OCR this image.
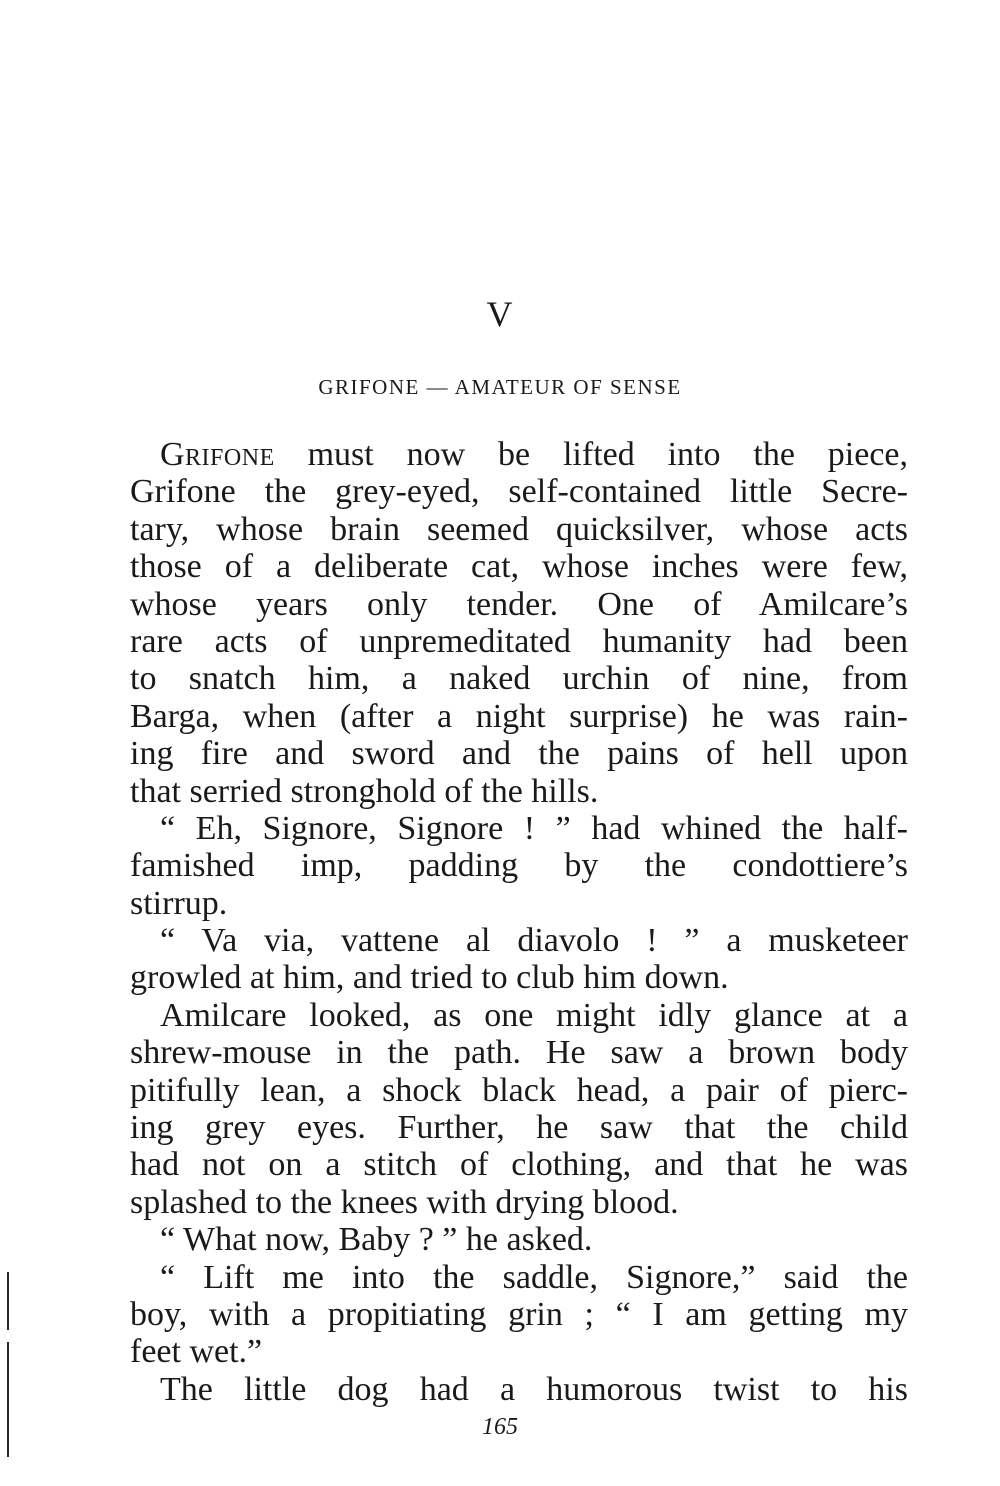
V
GRIFONE — AMATEUR OF SENSE
Grifone must now be lifted into the piece,
Grifone the grey-eyed, self-contained little Secre-
tary, whose brain seemed quicksilver, whose acts
those of a deliberate cat, whose inches were few,
whose years only tender. One of Amilcare’s
rare acts of unpremeditated humanity had been
to snatch him, a naked urchin of nine, from
Barga, when (after a night surprise) he was rain-
ing fire and sword and the pains of hell upon
that serried stronghold of the hills.
“ Eh, Signore, Signore ! ” had whined the half-
famished imp, padding by the condottiere’s
stirrup.
“ Va via, vattene al diavolo ! ” a musketeer
growled at him, and tried to club him down.
Amilcare looked, as one might idly glance at a
shrew-mouse in the path. He saw a brown body
pitifully lean, a shock black head, a pair of pierc-
ing grey eyes. Further, he saw that the child
had not on a stitch of clothing, and that he was
splashed to the knees with drying blood.
“ What now, Baby ? ” he asked.
“ Lift me into the saddle, Signore,” said the
boy, with a propitiating grin ; “ I am getting my
feet wet.”
The little dog had a humorous twist to his
165
